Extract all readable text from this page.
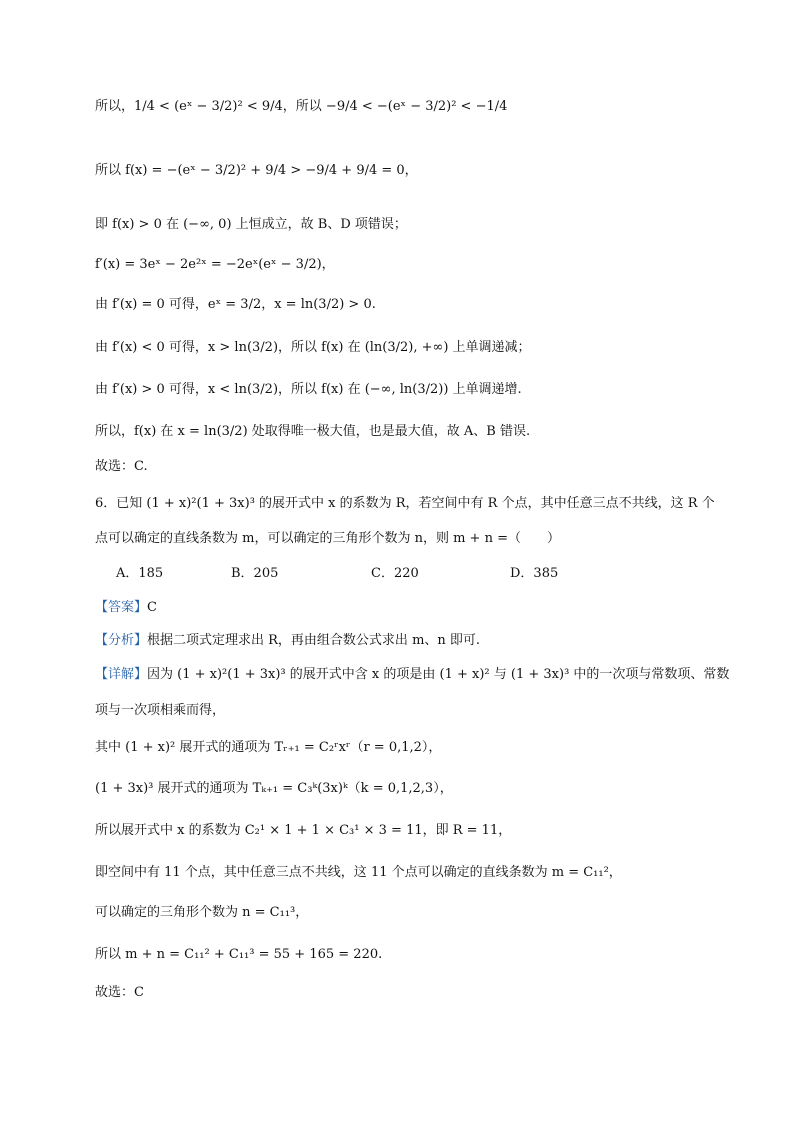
所以，1/4 < (eˣ − 3/2)² < 9/4，所以 −9/4 < −(eˣ − 3/2)² < −1/4
所以 f(x) = −(eˣ − 3/2)² + 9/4 > −9/4 + 9/4 = 0，
即 f(x) > 0 在 (−∞, 0) 上恒成立，故 B、D 项错误；
f′(x) = 3eˣ − 2e²ˣ = −2eˣ(eˣ − 3/2)，
由 f′(x) = 0 可得，eˣ = 3/2，x = ln(3/2) > 0.
由 f′(x) < 0 可得，x > ln(3/2)，所以 f(x) 在 (ln(3/2), +∞) 上单调递减；
由 f′(x) > 0 可得，x < ln(3/2)，所以 f(x) 在 (−∞, ln(3/2)) 上单调递增.
所以，f(x) 在 x = ln(3/2) 处取得唯一极大值，也是最大值，故 A、B 错误.
故选：C.
6．已知 (1 + x)²(1 + 3x)³ 的展开式中 x 的系数为 R，若空间中有 R 个点，其中任意三点不共线，这 R 个
点可以确定的直线条数为 m，可以确定的三角形个数为 n，则 m + n =（　　）
A．185	B．205	C．220	D．385
【答案】C
【分析】根据二项式定理求出 R，再由组合数公式求出 m、n 即可.
【详解】因为 (1 + x)²(1 + 3x)³ 的展开式中含 x 的项是由 (1 + x)² 与 (1 + 3x)³ 中的一次项与常数项、常数
项与一次项相乘而得，
其中 (1 + x)² 展开式的通项为 Tᵣ₊₁ = C₂ʳxʳ（r = 0,1,2），
(1 + 3x)³ 展开式的通项为 Tₖ₊₁ = C₃ᵏ(3x)ᵏ（k = 0,1,2,3），
所以展开式中 x 的系数为 C₂¹ × 1 + 1 × C₃¹ × 3 = 11，即 R = 11，
即空间中有 11 个点，其中任意三点不共线，这 11 个点可以确定的直线条数为 m = C₁₁²，
可以确定的三角形个数为 n = C₁₁³，
所以 m + n = C₁₁² + C₁₁³ = 55 + 165 = 220.
故选：C
